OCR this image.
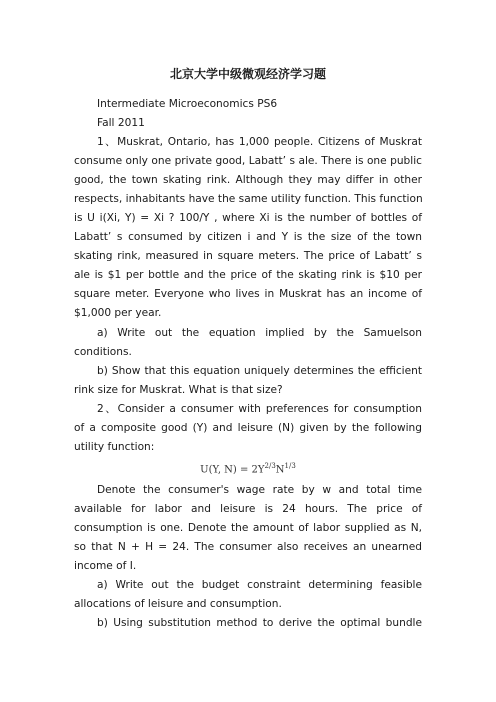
北京大学中级微观经济学习题
Intermediate Microeconomics PS6
Fall 2011
1、Muskrat, Ontario, has 1,000 people. Citizens of Muskrat
consume only one private good, Labatt’ s ale. There is one public
good, the town skating rink. Although they may differ in other
respects, inhabitants have the same utility function. This function
is U i(Xi, Y) = Xi ? 100/Y , where Xi is the number of bottles of
Labatt’ s consumed by citizen i and Y is the size of the town
skating rink, measured in square meters. The price of Labatt’ s
ale is $1 per bottle and the price of the skating rink is $10 per
square meter. Everyone who lives in Muskrat has an income of
$1,000 per year.
a) Write out the equation implied by the Samuelson
conditions.
b) Show that this equation uniquely determines the efficient
rink size for Muskrat. What is that size?
2、Consider a consumer with preferences for consumption
of a composite good (Y) and leisure (N) given by the following
utility function:
U(Y, $N) = 2Y^{2/3}N^{1/3}$
Denote the consumer's wage rate by w and total time
available for labor and leisure is 24 hours. The price of
consumption is one. Denote the amount of labor supplied as N,
so that N + H = 24. The consumer also receives an unearned
income of I.
a) Write out the budget constraint determining feasible
allocations of leisure and consumption.
b) Using substitution method to derive the optimal bundle
